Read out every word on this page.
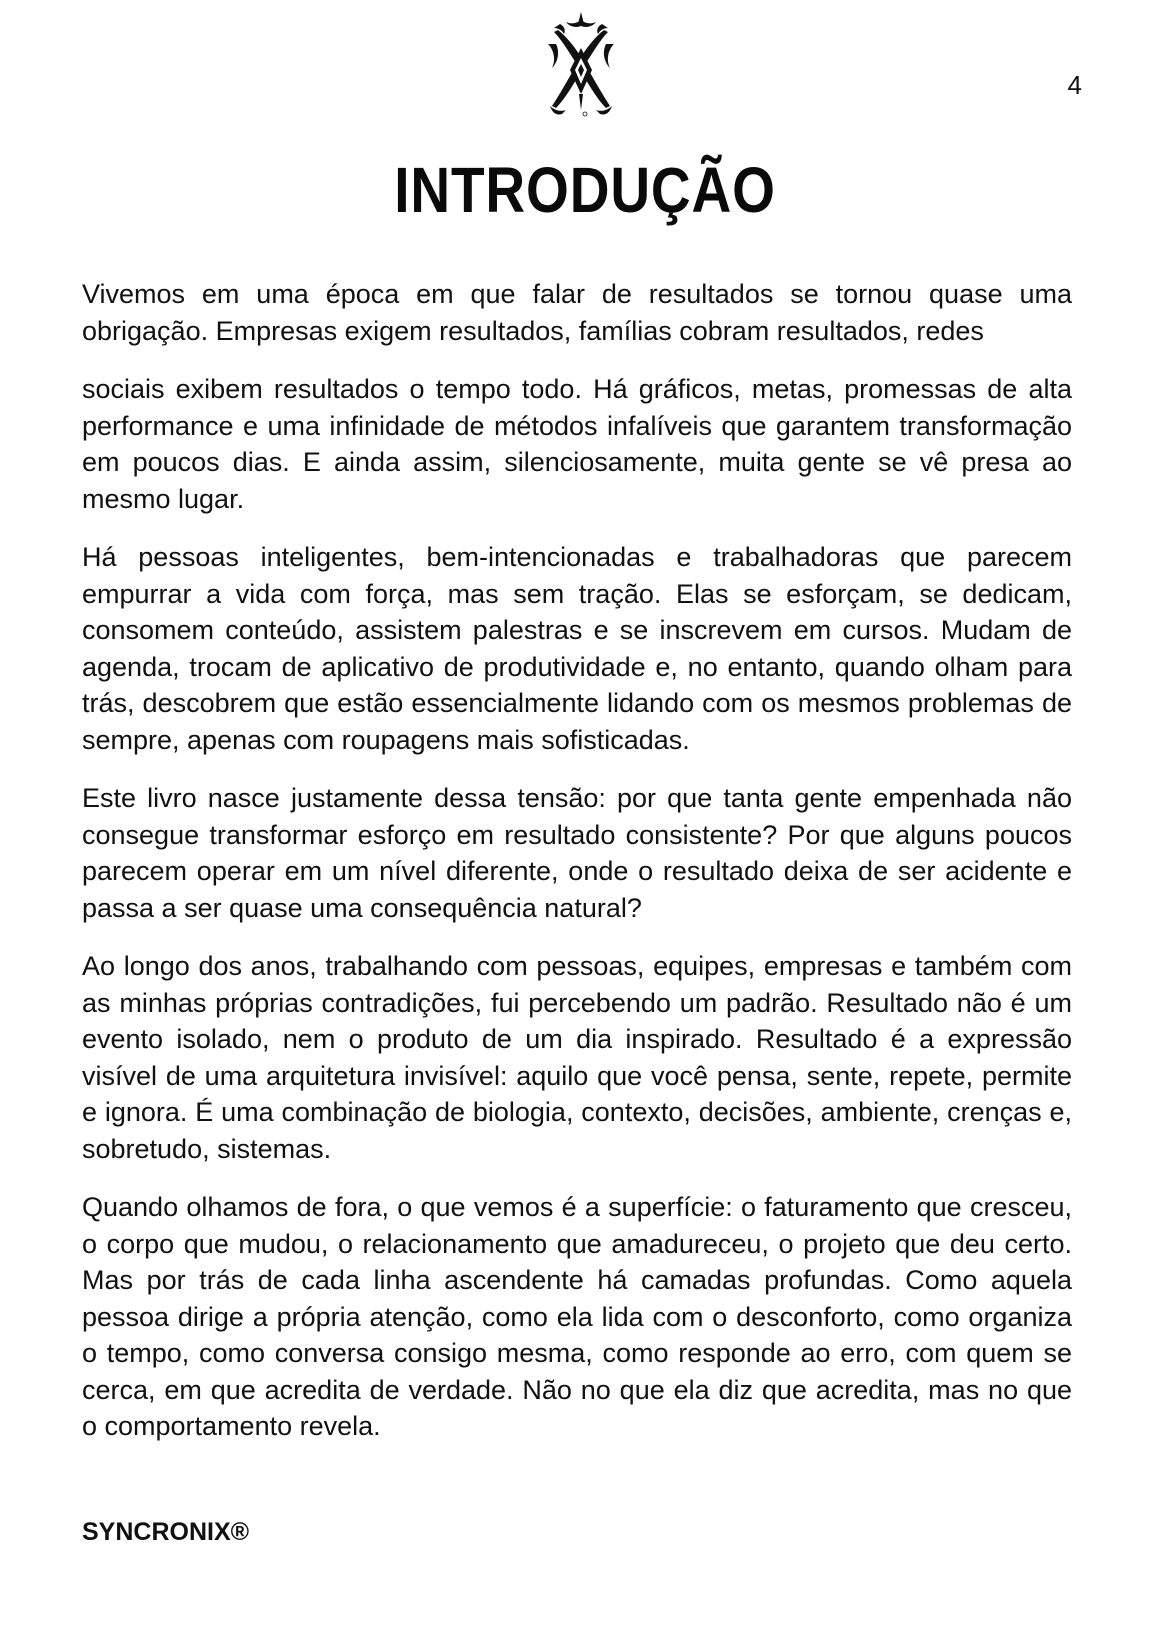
4
INTRODUÇÃO

Vivemos em uma época em que falar de resultados se tornou quase uma obrigação. Empresas exigem resultados, famílias cobram resultados, redes

sociais exibem resultados o tempo todo. Há gráficos, metas, promessas de alta performance e uma infinidade de métodos infalíveis que garantem transformação em poucos dias. E ainda assim, silenciosamente, muita gente se vê presa ao mesmo lugar.

Há pessoas inteligentes, bem-intencionadas e trabalhadoras que parecem empurrar a vida com força, mas sem tração. Elas se esforçam, se dedicam, consomem conteúdo, assistem palestras e se inscrevem em cursos. Mudam de agenda, trocam de aplicativo de produtividade e, no entanto, quando olham para trás, descobrem que estão essencialmente lidando com os mesmos problemas de sempre, apenas com roupagens mais sofisticadas.

Este livro nasce justamente dessa tensão: por que tanta gente empenhada não consegue transformar esforço em resultado consistente? Por que alguns poucos parecem operar em um nível diferente, onde o resultado deixa de ser acidente e passa a ser quase uma consequência natural?

Ao longo dos anos, trabalhando com pessoas, equipes, empresas e também com as minhas próprias contradições, fui percebendo um padrão. Resultado não é um evento isolado, nem o produto de um dia inspirado. Resultado é a expressão visível de uma arquitetura invisível: aquilo que você pensa, sente, repete, permite e ignora. É uma combinação de biologia, contexto, decisões, ambiente, crenças e, sobretudo, sistemas.

Quando olhamos de fora, o que vemos é a superfície: o faturamento que cresceu, o corpo que mudou, o relacionamento que amadureceu, o projeto que deu certo. Mas por trás de cada linha ascendente há camadas profundas. Como aquela pessoa dirige a própria atenção, como ela lida com o desconforto, como organiza o tempo, como conversa consigo mesma, como responde ao erro, com quem se cerca, em que acredita de verdade. Não no que ela diz que acredita, mas no que o comportamento revela.

SYNCRONIX®
